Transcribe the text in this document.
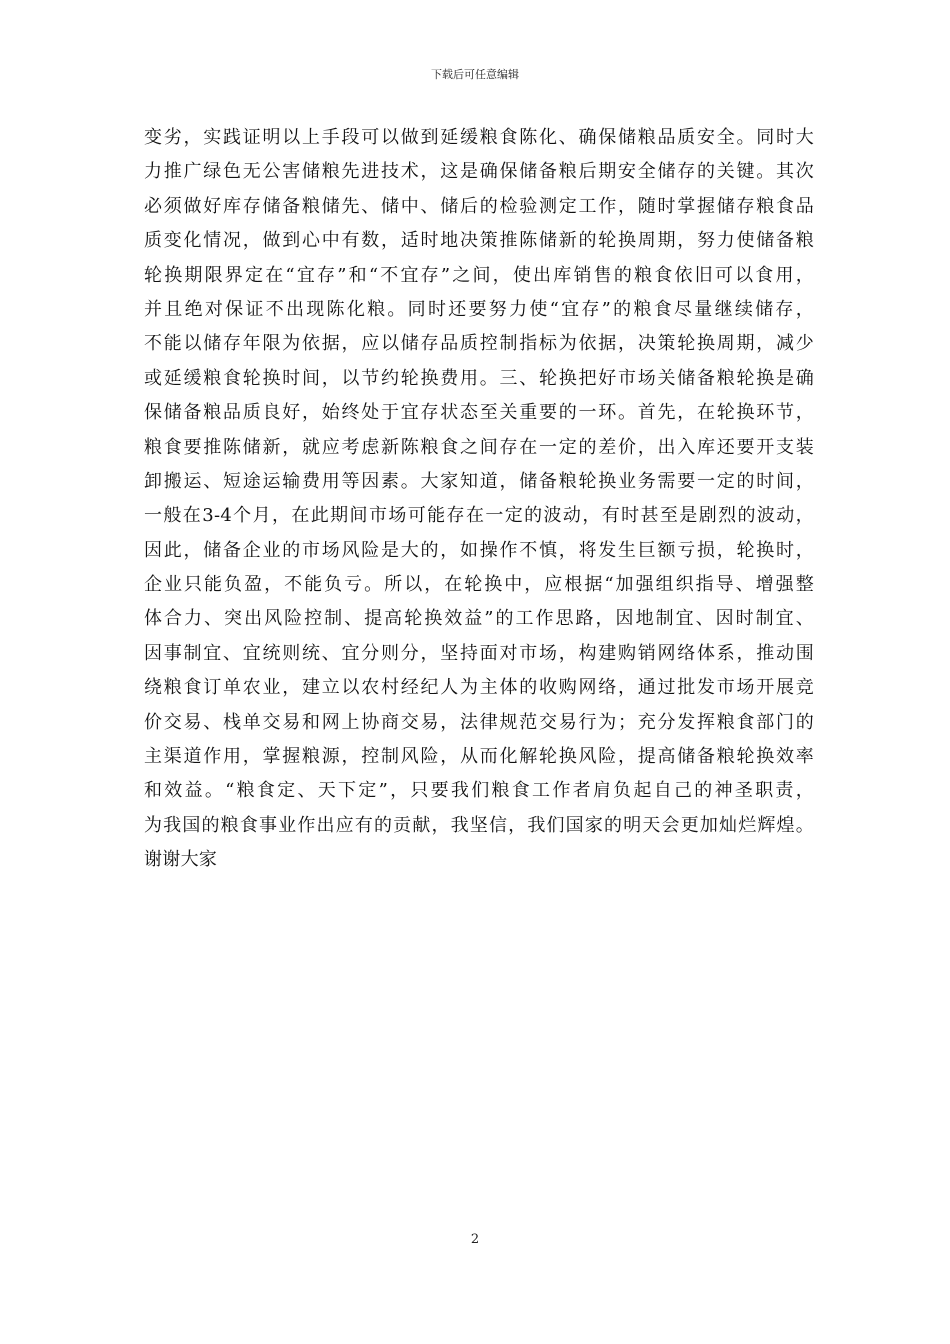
下载后可任意编辑
变劣，实践证明以上手段可以做到延缓粮食陈化、确保储粮品质安全。同时大
力推广绿色无公害储粮先进技术，这是确保储备粮后期安全储存的关键。其次
必须做好库存储备粮储先、储中、储后的检验测定工作，随时掌握储存粮食品
质变化情况，做到心中有数，适时地决策推陈储新的轮换周期，努力使储备粮
轮换期限界定在“宜存”和“不宜存”之间，使出库销售的粮食依旧可以食用，
并且绝对保证不出现陈化粮。同时还要努力使“宜存”的粮食尽量继续储存，
不能以储存年限为依据，应以储存品质控制指标为依据，决策轮换周期，减少
或延缓粮食轮换时间，以节约轮换费用。三、轮换把好市场关储备粮轮换是确
保储备粮品质良好，始终处于宜存状态至关重要的一环。首先，在轮换环节，
粮食要推陈储新，就应考虑新陈粮食之间存在一定的差价，出入库还要开支装
卸搬运、短途运输费用等因素。大家知道，储备粮轮换业务需要一定的时间，
一般在3-4个月，在此期间市场可能存在一定的波动，有时甚至是剧烈的波动，
因此，储备企业的市场风险是大的，如操作不慎，将发生巨额亏损，轮换时，
企业只能负盈，不能负亏。所以，在轮换中，应根据“加强组织指导、增强整
体合力、突出风险控制、提高轮换效益”的工作思路，因地制宜、因时制宜、
因事制宜、宜统则统、宜分则分，坚持面对市场，构建购销网络体系，推动围
绕粮食订单农业，建立以农村经纪人为主体的收购网络，通过批发市场开展竞
价交易、栈单交易和网上协商交易，法律规范交易行为；充分发挥粮食部门的
主渠道作用，掌握粮源，控制风险，从而化解轮换风险，提高储备粮轮换效率
和效益。“粮食定、天下定”，只要我们粮食工作者肩负起自己的神圣职责，
为我国的粮食事业作出应有的贡献，我坚信，我们国家的明天会更加灿烂辉煌。
谢谢大家
2
